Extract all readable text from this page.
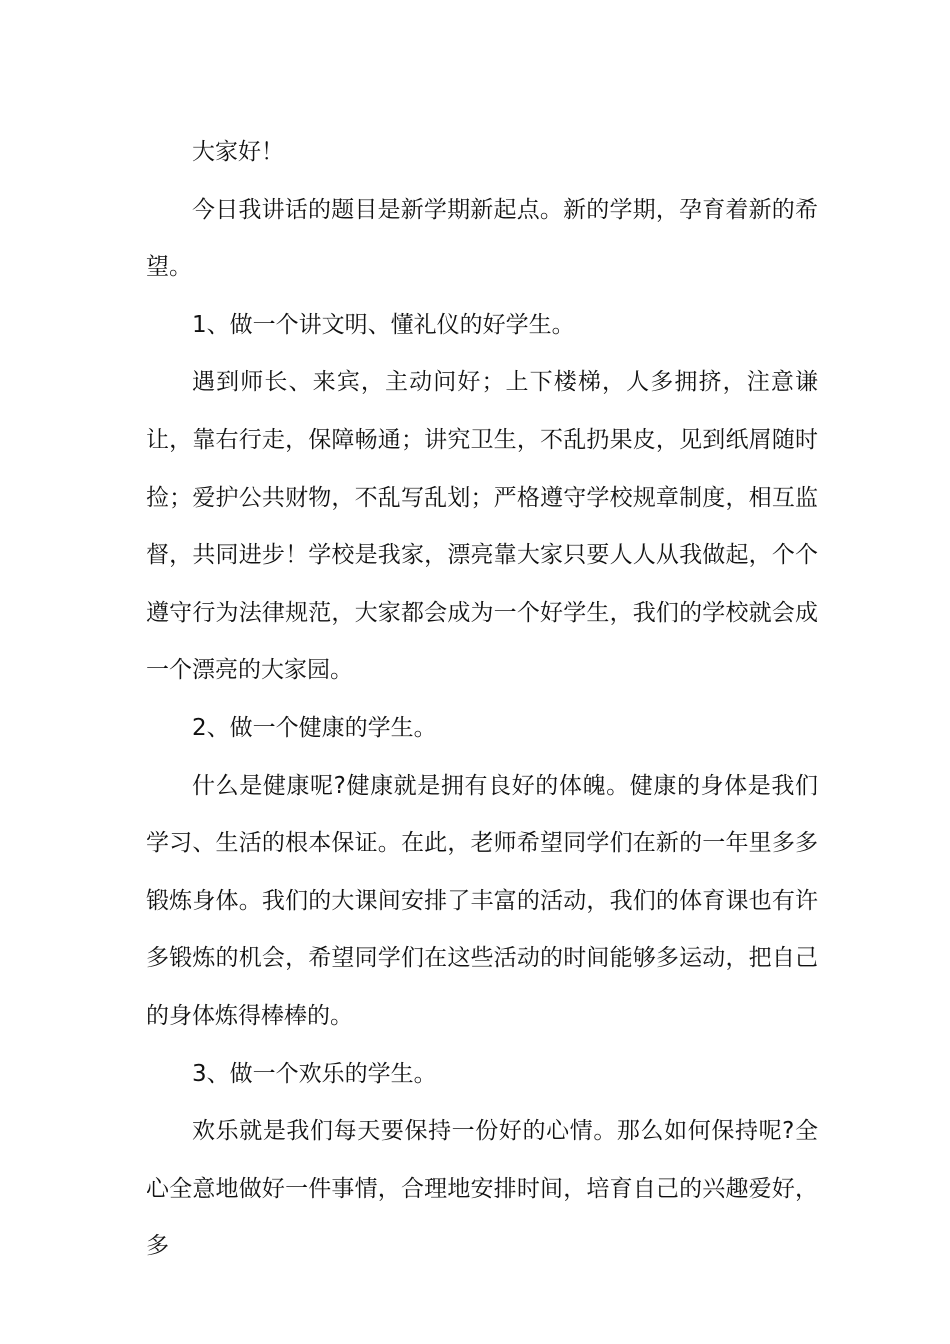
大家好！

今日我讲话的题目是新学期新起点。新的学期，孕育着新的希望。

1、做一个讲文明、懂礼仪的好学生。

遇到师长、来宾，主动问好；上下楼梯，人多拥挤，注意谦让，靠右行走，保障畅通；讲究卫生，不乱扔果皮，见到纸屑随时捡；爱护公共财物，不乱写乱划；严格遵守学校规章制度，相互监督，共同进步！学校是我家，漂亮靠大家只要人人从我做起，个个遵守行为法律规范，大家都会成为一个好学生，我们的学校就会成一个漂亮的大家园。

2、做一个健康的学生。

什么是健康呢?健康就是拥有良好的体魄。健康的身体是我们学习、生活的根本保证。在此，老师希望同学们在新的一年里多多锻炼身体。我们的大课间安排了丰富的活动，我们的体育课也有许多锻炼的机会，希望同学们在这些活动的时间能够多运动，把自己的身体炼得棒棒的。

3、做一个欢乐的学生。

欢乐就是我们每天要保持一份好的心情。那么如何保持呢?全心全意地做好一件事情，合理地安排时间，培育自己的兴趣爱好，多
